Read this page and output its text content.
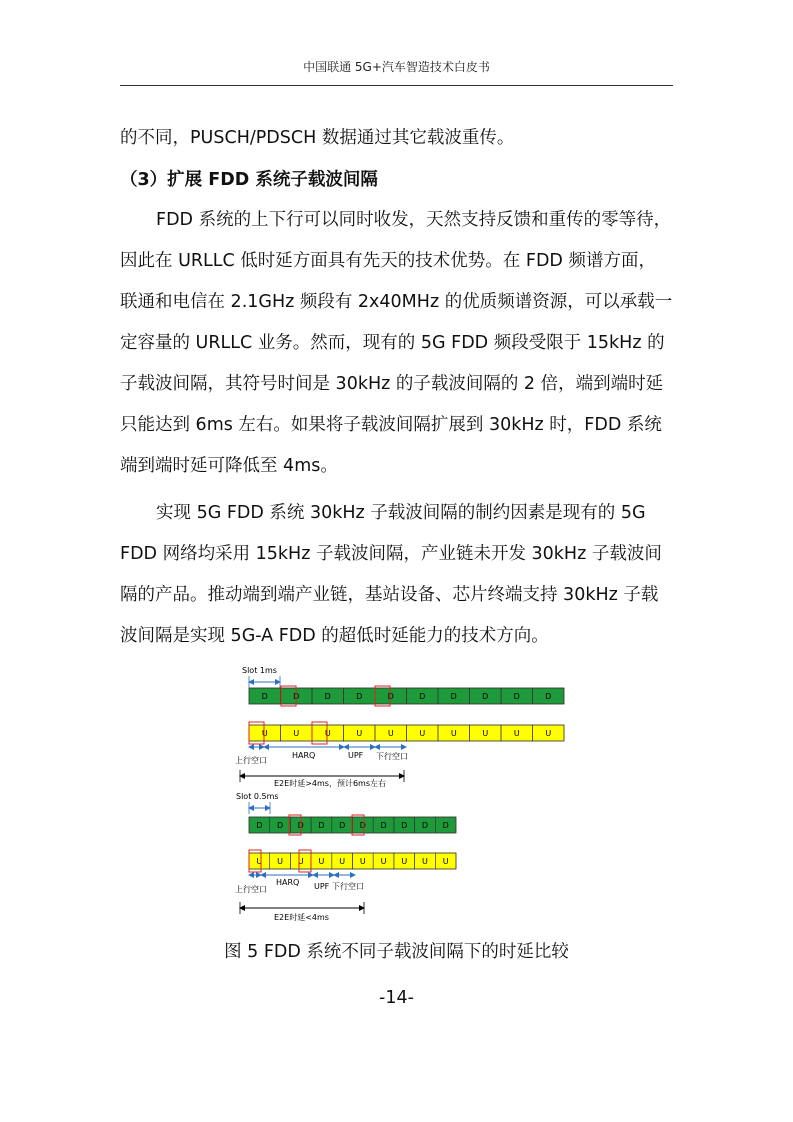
中国联通 5G+汽车智造技术白皮书

的不同，PUSCH/PDSCH 数据通过其它载波重传。

（3）扩展 FDD 系统子载波间隔

FDD 系统的上下行可以同时收发，天然支持反馈和重传的零等待，因此在 URLLC 低时延方面具有先天的技术优势。在 FDD 频谱方面，联通和电信在 2.1GHz 频段有 2x40MHz 的优质频谱资源，可以承载一定容量的 URLLC 业务。然而，现有的 5G FDD 频段受限于 15kHz 的子载波间隔，其符号时间是 30kHz 的子载波间隔的 2 倍，端到端时延只能达到 6ms 左右。如果将子载波间隔扩展到 30kHz 时，FDD 系统端到端时延可降低至 4ms。

实现 5G FDD 系统 30kHz 子载波间隔的制约因素是现有的 5G FDD 网络均采用 15kHz 子载波间隔，产业链未开发 30kHz 子载波间隔的产品。推动端到端产业链，基站设备、芯片终端支持 30kHz 子载波间隔是实现 5G-A FDD 的超低时延能力的技术方向。

Slot 1ms
D	D	D	D	D	D	D	D	D	D
U	U	U	U	U	U	U	U	U	U
上行空口
HARQ	UPF 下行空口
E2E时延>4ms，预计6ms左右
Slot 0.5ms
D D D D D D D D D D
U U U U U U U U U U
上行空口
HARQ UPF 下行空口
E2E时延<4ms
图 5 FDD 系统不同子载波间隔下的时延比较
-14-
